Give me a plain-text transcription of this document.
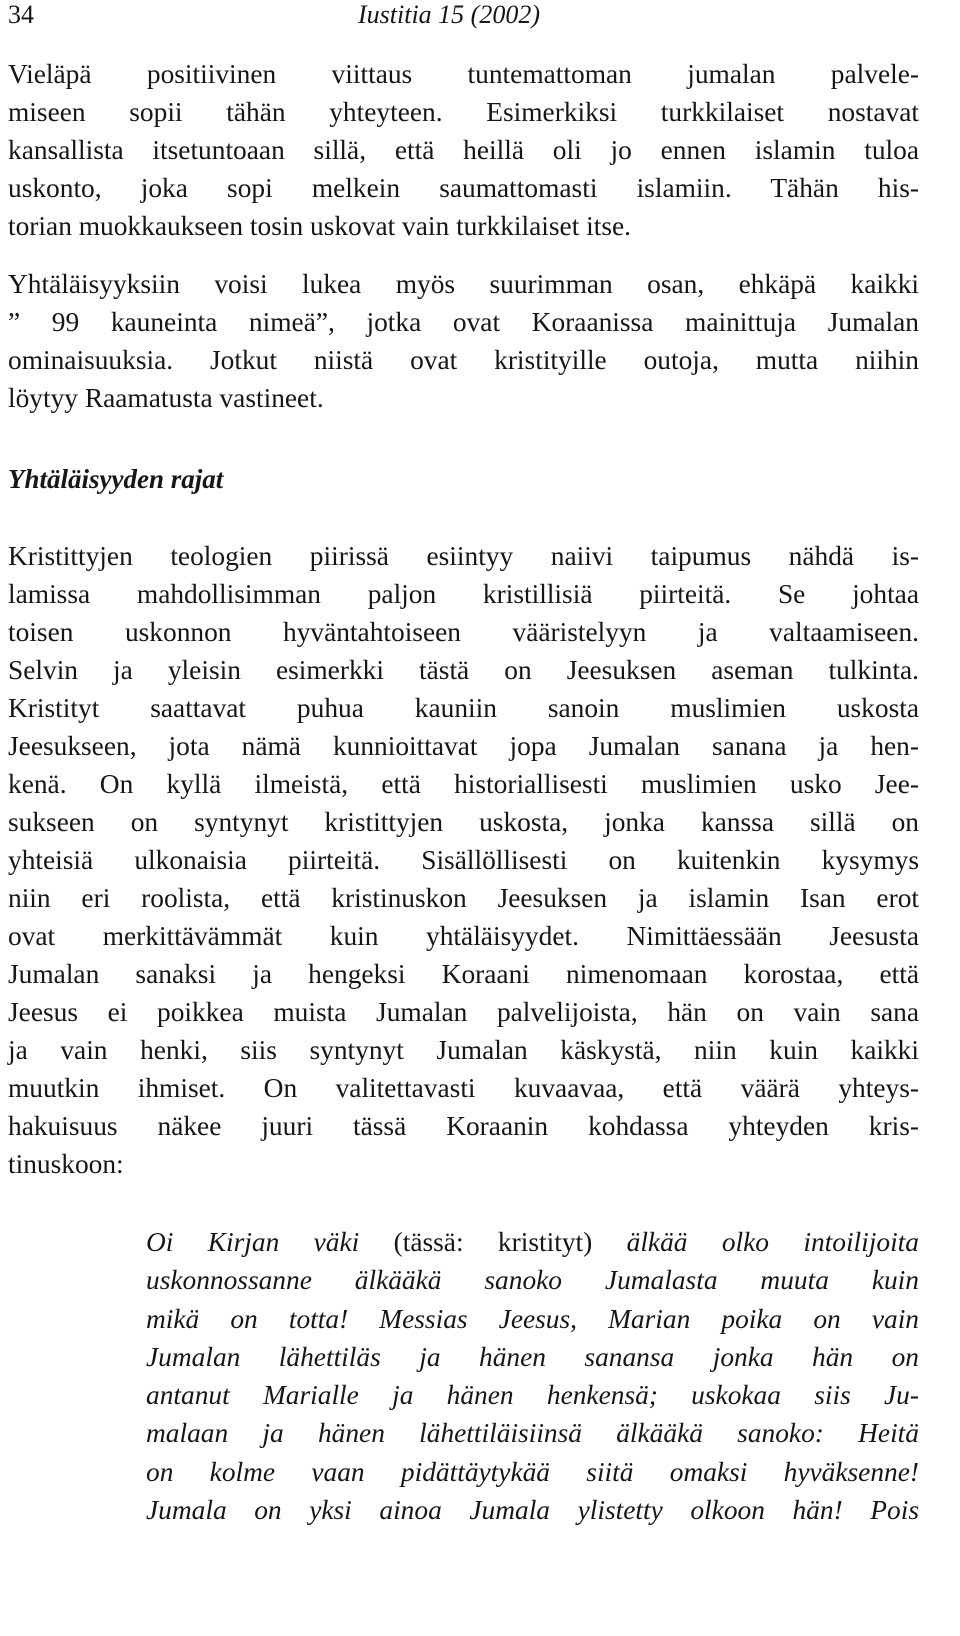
34	Iustitia 15 (2002)
Vieläpä positiivinen viittaus tuntemattoman jumalan palvele-
miseen sopii tähän yhteyteen. Esimerkiksi turkkilaiset nostavat
kansallista itsetuntoaan sillä, että heillä oli jo ennen islamin tuloa
uskonto, joka sopi melkein saumattomasti islamiin. Tähän his-
torian muokkaukseen tosin uskovat vain turkkilaiset itse.
Yhtäläisyyksiin voisi lukea myös suurimman osan, ehkäpä kaikki
” 99 kauneinta nimeä”, jotka ovat Koraanissa mainittuja Jumalan
ominaisuuksia. Jotkut niistä ovat kristityille outoja, mutta niihin
löytyy Raamatusta vastineet.
Yhtäläisyyden rajat
Kristittyjen teologien piirissä esiintyy naiivi taipumus nähdä is-
lamissa mahdollisimman paljon kristillisiä piirteitä. Se johtaa
toisen uskonnon hyväntahtoiseen vääristelyyn ja valtaamiseen.
Selvin ja yleisin esimerkki tästä on Jeesuksen aseman tulkinta.
Kristityt saattavat puhua kauniin sanoin muslimien uskosta
Jeesukseen, jota nämä kunnioittavat jopa Jumalan sanana ja hen-
kenä. On kyllä ilmeistä, että historiallisesti muslimien usko Jee-
sukseen on syntynyt kristittyjen uskosta, jonka kanssa sillä on
yhteisiä ulkonaisia piirteitä. Sisällöllisesti on kuitenkin kysymys
niin eri roolista, että kristinuskon Jeesuksen ja islamin Isan erot
ovat merkittävämmät kuin yhtäläisyydet. Nimittäessään Jeesusta
Jumalan sanaksi ja hengeksi Koraani nimenomaan korostaa, että
Jeesus ei poikkea muista Jumalan palvelijoista, hän on vain sana
ja vain henki, siis syntynyt Jumalan käskystä, niin kuin kaikki
muutkin ihmiset. On valitettavasti kuvaavaa, että väärä yhteys-
hakuisuus näkee juuri tässä Koraanin kohdassa yhteyden kris-
tinuskoon:
Oi Kirjan väki (tässä: kristityt) älkää olko intoilijoita
uskonnossanne älkääkä sanoko Jumalasta muuta kuin
mikä on totta! Messias Jeesus, Marian poika on vain
Jumalan lähettiläs ja hänen sanansa jonka hän on
antanut Marialle ja hänen henkensä; uskokaa siis Ju-
malaan ja hänen lähettiläisiinsä älkääkä sanoko: Heitä
on kolme vaan pidättäytykää siitä omaksi hyväksenne!
Jumala on yksi ainoa Jumala ylistetty olkoon hän! Pois
